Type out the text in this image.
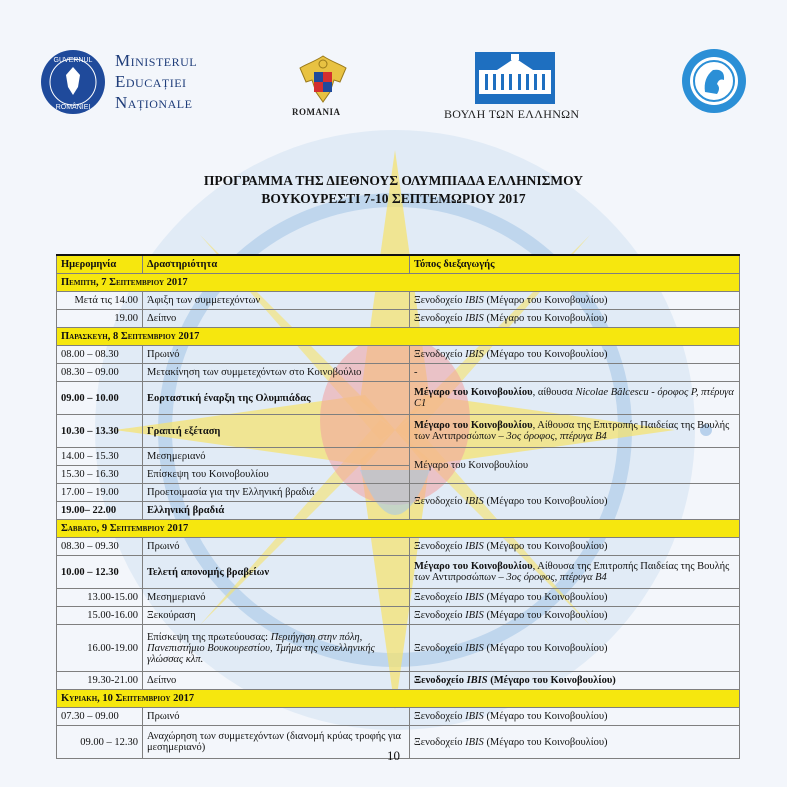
GUVERNUL
ROMÂNIEI
Ministerul
Educației
Naționale	ROMANIA	ΒΟΥΛΗ ΤΩΝ ΕΛΛΗΝΩΝ
ΠΡΟΓΡΑΜΜΑ ΤΗΣ ΔΙΕΘΝΟΥΣ ΟΛΥΜΠΙΑΔΑ ΕΛΛΗΝΙΣΜΟΥ
ΒΟΥΚΟΥΡΕΣΤΙ 7-10 ΣΕΠΤΕΜΩΡΙΟΥ 2017
Ημερομηνία	Δραστηριότητα	Τόπος διεξαγωγής
Πεμπτη, 7 Σεπτεμβριου 2017		
Μετά τις 14.00	Άφιξη των συμμετεχόντων	Ξενοδοχείο IBIS (Μέγαρο του Κοινοβουλίου)
19.00	Δείπνο	Ξενοδοχείο IBIS (Μέγαρο του Κοινοβουλίου)
Παρασκευη, 8 Σεπτεμβριου 2017		
08.00 – 08.30	Πρωινό	Ξενοδοχείο IBIS (Μέγαρο του Κοινοβουλίου)
08.30 – 09.00	Μετακίνηση των συμμετεχόντων στο Κοινοβούλιο	-
09.00 – 10.00	Εορταστική έναρξη της Ολυμπιάδας	Μέγαρο του Κοινοβουλίου, αίθουσα Nicolae Bălcescu - όροφος Ρ, πτέρυγα C1
10.30 – 13.30	Γραπτή εξέταση	Μέγαρο του Κοινοβουλίου, Αίθουσα της Επιτροπής Παιδείας της Βουλής των Αντιπροσώπων – 3ος όροφος, πτέρυγα B4
14.00 – 15.30	Μεσημεριανό	Μέγαρο του Κοινοβουλίου
15.30 – 16.30	Επίσκεψη του Κοινοβουλίου	
17.00 – 19.00	Προετοιμασία για την Ελληνική βραδιά	Ξενοδοχείο IBIS (Μέγαρο του Κοινοβουλίου)
19.00– 22.00	Ελληνική βραδιά	
Σαββατο, 9 Σεπτεμβριου 2017		
08.30 – 09.30	Πρωινό	Ξενοδοχείο IBIS (Μέγαρο του Κοινοβουλίου)
10.00 – 12.30	Τελετή απονομής βραβείων	Μέγαρο του Κοινοβουλίου, Αίθουσα της Επιτροπής Παιδείας της Βουλής των Αντιπροσώπων – 3ος όροφος, πτέρυγα B4
13.00-15.00	Μεσημεριανό	Ξενοδοχείο IBIS (Μέγαρο του Κοινοβουλίου)
15.00-16.00	Ξεκούραση	Ξενοδοχείο IBIS (Μέγαρο του Κοινοβουλίου)
16.00-19.00	Επίσκεψη της πρωτεύουσας: Περιήγηση στην πόλη, Πανεπιστήμιο Βουκουρεστίου, Τμήμα της νεοελληνικής γλώσσας κλπ.	Ξενοδοχείο IBIS (Μέγαρο του Κοινοβουλίου)
19.30-21.00	Δείπνο	Ξενοδοχείο IBIS (Μέγαρο του Κοινοβουλίου)
Κυριακη, 10 Σεπτεμβριου 2017		
07.30 – 09.00	Πρωινό	Ξενοδοχείο IBIS (Μέγαρο του Κοινοβουλίου)
09.00 – 12.30	Αναχώρηση των συμμετεχόντων (διανομή κρύας τροφής για μεσημεριανό)	Ξενοδοχείο IBIS (Μέγαρο του Κοινοβουλίου)
10
